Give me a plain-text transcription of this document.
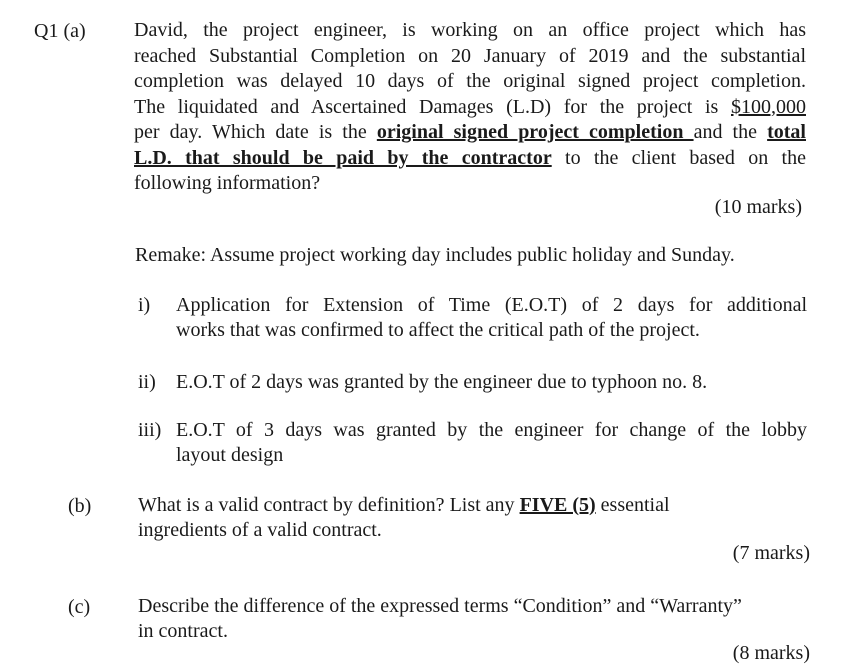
Q1 (a) David, the project engineer, is working on an office project which has
reached Substantial Completion on 20 January of 2019 and the substantial
completion was delayed 10 days of the original signed project completion.
The liquidated and Ascertained Damages (L.D) for the project is $100,000
per day. Which date is the original signed project completion and the total
L.D. that should be paid by the contractor to the client based on the
following information?
(10 marks)
Remake: Assume project working day includes public holiday and Sunday.
i) Application for Extension of Time (E.O.T) of 2 days for additional
works that was confirmed to affect the critical path of the project.
ii) E.O.T of 2 days was granted by the engineer due to typhoon no. 8.
iii) E.O.T of 3 days was granted by the engineer for change of the lobby
layout design
(b) What is a valid contract by definition? List any FIVE (5) essential
ingredients of a valid contract.
(7 marks)
(c) Describe the difference of the expressed terms “Condition” and “Warranty”
in contract.
(8 marks)
